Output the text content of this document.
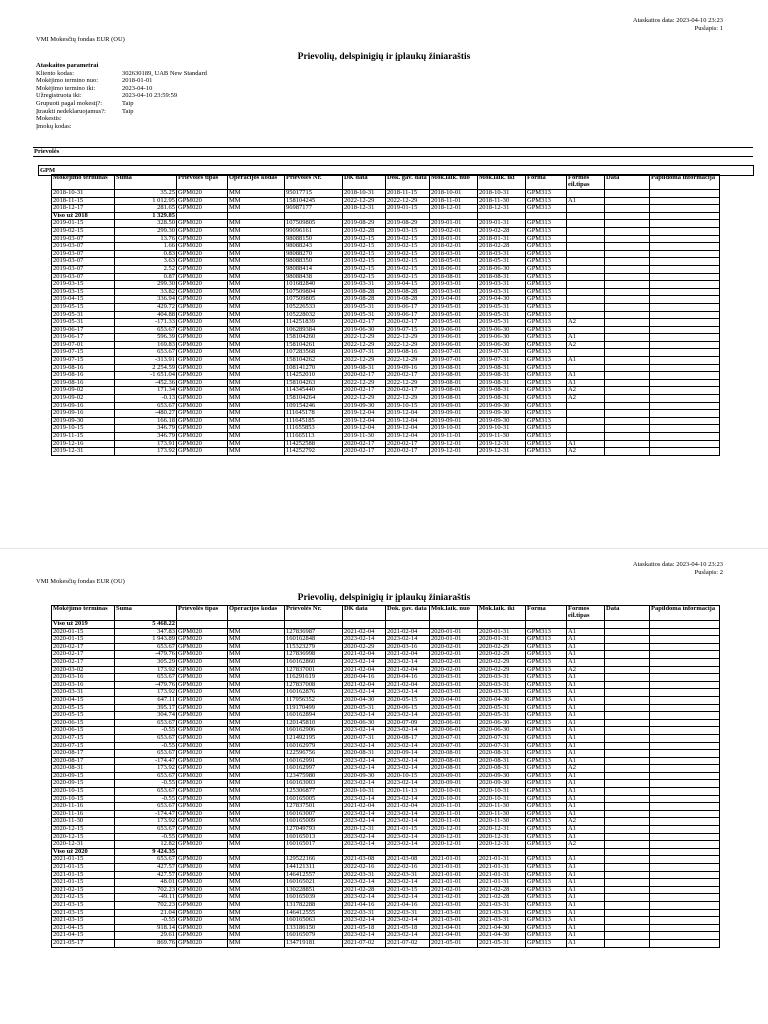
Ataskaitos data: 2023-04-10 23:23
Puslapis: 1
VMI Mokesčių fondas EUR (OU)
Prievolių, delspinigių ir įplaukų žiniaraštis
Ataskaitos parametrai
Kliento kodas:	302630189, UAB New Standard
Mokėjimo termino nuo:	2018-01-01
Mokėjimo termino iki:	2023-04-10
Užregistruota iki:	2023-04-10 23:59:59
Grupuoti pagal mokestį?:	Taip
Įtraukti nedeklaruojamus?:	Taip
Mokestis:
Įmokų kodas:
Prievolės
GPM
Mokėjimo terminas	Suma	Prievolės tipas	Operacijos kodas	Prievolės Nr.	DK data	Dok. gav. data	Mok.laik. nuo	Mok.laik. iki	Forma	Formos eil.tipas	Data	Papildoma informacija
2018-10-31	35.25	GPM020	MM	95017715	2018-10-31	2018-11-15	2018-10-01	2018-10-31	GPM313			
2018-11-15	1 012.95	GPM020	MM	158104245	2022-12-29	2022-12-29	2018-11-01	2018-11-30	GPM313	A1		
2018-12-17	281.65	GPM020	MM	96987177	2018-12-31	2019-01-15	2018-12-01	2018-12-31	GPM313			
Viso už 2018	1 329.85											
2019-01-15	328.50	GPM020	MM	107509805	2019-08-29	2019-08-29	2019-01-01	2019-01-31	GPM313			
2019-02-15	299.30	GPM020	MM	99096161	2019-02-28	2019-03-15	2019-02-01	2019-02-28	GPM313			
2019-03-07	13.76	GPM020	MM	98088150	2019-02-15	2019-02-15	2018-01-01	2018-01-31	GPM313			
2019-03-07	1.66	GPM020	MM	98088243	2019-02-15	2019-02-15	2018-02-01	2018-02-28	GPM313			
2019-03-07	0.83	GPM020	MM	98088270	2019-02-15	2019-02-15	2018-03-01	2018-03-31	GPM313			
2019-03-07	3.63	GPM020	MM	98088350	2019-02-15	2019-02-15	2018-05-01	2018-05-31	GPM313			
2019-03-07	2.52	GPM020	MM	98088414	2019-02-15	2019-02-15	2018-06-01	2018-06-30	GPM313			
2019-03-07	0.87	GPM020	MM	98088438	2019-02-15	2019-02-15	2018-08-01	2018-08-31	GPM313			
2019-03-15	299.30	GPM020	MM	101682840	2019-03-31	2019-04-15	2019-03-01	2019-03-31	GPM313			
2019-03-15	33.82	GPM020	MM	107509804	2019-08-28	2019-08-28	2019-03-01	2019-03-31	GPM313			
2019-04-15	336.94	GPM020	MM	107509805	2019-08-28	2019-08-28	2019-04-01	2019-04-30	GPM313			
2019-05-15	429.72	GPM020	MM	105226533	2019-05-31	2019-06-17	2019-05-01	2019-05-31	GPM313			
2019-05-31	404.88	GPM020	MM	105228032	2019-05-31	2019-06-17	2019-05-01	2019-05-31	GPM313			
2019-05-31	-171.33	GPM020	MM	114251839	2020-02-17	2020-02-17	2019-05-01	2019-05-31	GPM313	A2		
2019-06-17	653.67	GPM020	MM	106289384	2019-06-30	2019-07-15	2019-06-01	2019-06-30	GPM313			
2019-06-17	596.39	GPM020	MM	158104260	2022-12-29	2022-12-29	2019-06-01	2019-06-30	GPM313	A1		
2019-07-01	169.83	GPM020	MM	158104261	2022-12-29	2022-12-29	2019-06-01	2019-06-30	GPM313	A2		
2019-07-15	653.67	GPM020	MM	107283568	2019-07-31	2019-08-16	2019-07-01	2019-07-31	GPM313			
2019-07-15	-313.91	GPM020	MM	158104262	2022-12-29	2022-12-29	2019-07-01	2019-07-31	GPM313	A1		
2019-08-16	2 254.59	GPM020	MM	108141270	2019-08-31	2019-09-16	2019-08-01	2019-08-31	GPM313			
2019-08-16	-1 651.04	GPM020	MM	114252010	2020-02-17	2020-02-17	2019-08-01	2019-08-31	GPM313	A1		
2019-08-16	-452.36	GPM020	MM	158104263	2022-12-29	2022-12-29	2019-08-01	2019-08-31	GPM313	A1		
2019-09-02	171.34	GPM020	MM	114345440	2020-02-17	2020-02-17	2019-08-01	2019-08-31	GPM313	A2		
2019-09-02	-0.13	GPM020	MM	158104264	2022-12-29	2022-12-29	2019-08-01	2019-08-31	GPM313	A2		
2019-09-16	653.67	GPM020	MM	109154246	2019-09-30	2019-10-15	2019-09-01	2019-09-30	GPM313			
2019-09-16	-480.27	GPM020	MM	111645178	2019-12-04	2019-12-04	2019-09-01	2019-09-30	GPM313			
2019-09-30	166.18	GPM020	MM	111645185	2019-12-04	2019-12-04	2019-09-01	2019-09-30	GPM313			
2019-10-15	346.79	GPM020	MM	111655853	2019-12-04	2019-12-04	2019-10-01	2019-10-31	GPM313			
2019-11-15	346.79	GPM020	MM	111665113	2019-11-30	2019-12-04	2019-11-01	2019-11-30	GPM313			
2019-12-16	173.91	GPM020	MM	114252588	2020-02-17	2020-02-17	2019-12-01	2019-12-31	GPM313	A1		
2019-12-31	173.92	GPM020	MM	114252792	2020-02-17	2020-02-17	2019-12-01	2019-12-31	GPM313	A2		
Ataskaitos data: 2023-04-10 23:23
Puslapis: 2
VMI Mokesčių fondas EUR (OU)
Prievolių, delspinigių ir įplaukų žiniaraštis
Mokėjimo terminas	Suma	Prievolės tipas	Operacijos kodas	Prievolės Nr.	DK data	Dok. gav. data	Mok.laik. nuo	Mok.laik. iki	Forma	Formos eil.tipas	Data	Papildoma informacija
Viso už 2019	5 468.22											
2020-01-15	347.83	GPM020	MM	127836987	2021-02-04	2021-02-04	2020-01-01	2020-01-31	GPM313	A1		
2020-01-15	1 943.89	GPM020	MM	160162848	2023-02-14	2023-02-14	2020-01-01	2020-01-31	GPM313	A1		
2020-02-17	653.67	GPM020	MM	115323279	2020-02-29	2020-03-16	2020-02-01	2020-02-29	GPM313	A1		
2020-02-17	-479.76	GPM020	MM	127836998	2021-02-04	2021-02-04	2020-02-01	2020-02-29	GPM313	A1		
2020-02-17	305.29	GPM020	MM	160162860	2023-02-14	2023-02-14	2020-02-01	2020-02-29	GPM313	A1		
2020-03-02	173.92	GPM020	MM	127837001	2021-02-04	2021-02-04	2020-02-01	2020-02-29	GPM313	A2		
2020-03-16	653.67	GPM020	MM	116291619	2020-04-16	2020-04-16	2020-03-01	2020-03-31	GPM313	A1		
2020-03-16	-479.76	GPM020	MM	127837008	2021-02-04	2021-02-04	2020-03-01	2020-03-31	GPM313	A1		
2020-03-31	173.92	GPM020	MM	160162876	2023-02-14	2023-02-14	2020-03-01	2020-03-31	GPM313	A1		
2020-04-15	647.11	GPM020	MM	117956352	2020-04-30	2020-05-15	2020-04-01	2020-04-30	GPM313	A1		
2020-05-15	395.17	GPM020	MM	119170499	2020-05-31	2020-06-15	2020-05-01	2020-05-31	GPM313	A1		
2020-05-15	304.74	GPM020	MM	160162894	2023-02-14	2023-02-14	2020-05-01	2020-05-31	GPM313	A1		
2020-06-15	653.67	GPM020	MM	120145810	2020-06-30	2020-07-09	2020-06-01	2020-06-30	GPM313	A1		
2020-06-15	-0.55	GPM020	MM	160162906	2023-02-14	2023-02-14	2020-06-01	2020-06-30	GPM313	A1		
2020-07-15	653.67	GPM020	MM	121492195	2020-07-31	2020-08-17	2020-07-01	2020-07-31	GPM313	A1		
2020-07-15	-0.55	GPM020	MM	160162979	2023-02-14	2023-02-14	2020-07-01	2020-07-31	GPM313	A1		
2020-08-17	653.67	GPM020	MM	122596756	2020-08-31	2020-09-14	2020-08-01	2020-08-31	GPM313	A1		
2020-08-17	-174.47	GPM020	MM	160162991	2023-02-14	2023-02-14	2020-08-01	2020-08-31	GPM313	A1		
2020-08-31	173.92	GPM020	MM	160162997	2023-02-14	2023-02-14	2020-08-01	2020-08-31	GPM313	A2		
2020-09-15	653.67	GPM020	MM	123475980	2020-09-30	2020-10-15	2020-09-01	2020-09-30	GPM313	A1		
2020-09-15	-0.55	GPM020	MM	160163003	2023-02-14	2023-02-14	2020-09-01	2020-09-30	GPM313	A1		
2020-10-15	653.67	GPM020	MM	125306877	2020-10-31	2020-11-13	2020-10-01	2020-10-31	GPM313	A1		
2020-10-15	-0.55	GPM020	MM	160165005	2023-02-14	2023-02-14	2020-10-01	2020-10-31	GPM313	A1		
2020-11-16	653.67	GPM020	MM	127837501	2021-02-04	2021-02-04	2020-11-01	2020-11-30	GPM313	A1		
2020-11-16	-174.47	GPM020	MM	160163007	2023-02-14	2023-02-14	2020-11-01	2020-11-30	GPM313	A1		
2020-11-30	173.92	GPM020	MM	160165009	2023-02-14	2023-02-14	2020-11-01	2020-11-30	GPM313	A2		
2020-12-15	653.67	GPM020	MM	127049793	2020-12-31	2021-01-15	2020-12-01	2020-12-31	GPM313	A1		
2020-12-15	-0.55	GPM020	MM	160165013	2023-02-14	2023-02-14	2020-12-01	2020-12-31	GPM313	A1		
2020-12-31	12.82	GPM020	MM	160165017	2023-02-14	2023-02-14	2020-12-01	2020-12-31	GPM313	A2		
Viso už 2020	9 424.35											
2021-01-15	653.67	GPM020	MM	129522166	2021-03-08	2021-03-08	2021-01-01	2021-01-31	GPM313	A1		
2021-01-15	427.57	GPM020	MM	144121311	2022-02-16	2022-02-16	2021-01-01	2021-01-31	GPM313	A1		
2021-01-15	427.57	GPM020	MM	146412557	2022-03-31	2022-03-31	2021-01-01	2021-01-31	GPM313	A1		
2021-01-15	48.01	GPM020	MM	160165021	2023-02-14	2023-02-14	2021-01-01	2021-01-31	GPM313	A1		
2021-02-15	702.23	GPM020	MM	130228851	2021-02-28	2021-03-15	2021-02-01	2021-02-28	GPM313	A1		
2021-02-15	-49.11	GPM020	MM	160165039	2023-02-14	2023-02-14	2021-02-01	2021-02-28	GPM313	A1		
2021-03-15	702.23	GPM020	MM	131782288	2021-04-16	2021-04-16	2021-03-01	2021-03-31	GPM313	A1		
2021-03-15	21.04	GPM020	MM	146412555	2022-03-31	2022-03-31	2021-03-01	2021-03-31	GPM313	A1		
2021-03-15	-0.55	GPM020	MM	160165063	2023-02-14	2023-02-14	2021-03-01	2021-03-31	GPM313	A1		
2021-04-15	918.14	GPM020	MM	133186150	2021-05-18	2021-05-18	2021-04-01	2021-04-30	GPM313	A1		
2021-04-15	29.61	GPM020	MM	160165079	2023-02-14	2023-02-14	2021-04-01	2021-04-30	GPM313	A1		
2021-05-17	869.76	GPM020	MM	134719181	2021-07-02	2021-07-02	2021-05-01	2021-05-31	GPM313	A1		
